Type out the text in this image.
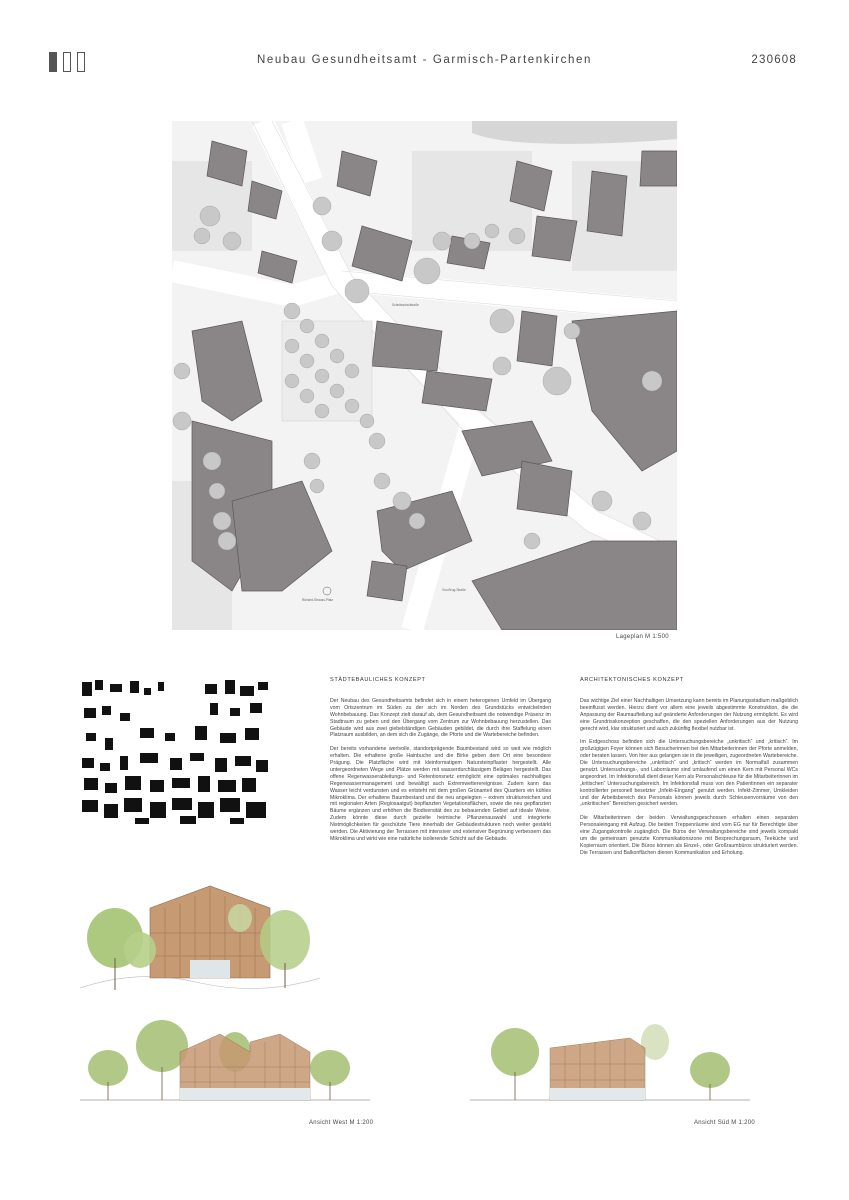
Neubau Gesundheitsamt - Garmisch-Partenkirchen	230608
Von-Brug-Straße
Richard-Strauss-Platz
Schnitzschulstraße
Lageplan M 1:500
STÄDTEBAULICHES KONZEPT

Der Neubau des Gesundheitsamts befindet sich in einem heterogenen Umfeld im Übergang vom Ortszentrum im Süden zu der sich im Norden des Grundstücks entwickelnden Wohnbebauung. Das Konzept zielt darauf ab, dem Gesundheitsamt die notwendige Präsenz im Stadtraum zu geben und den Übergang vom Zentrum zur Wohnbebauung herzustellen. Das Gebäude wird aus zwei giebelständigen Gebäuden gebildet, die durch ihre Staffelung einen Platzraum ausbilden, an dem sich die Zugänge, die Pforte und die Wartebereiche befinden.

Der bereits vorhandene wertvolle, standortprägende Baumbestand wird so weit wie möglich erhalten. Die erhaltene große Hainbuche und die Birke geben dem Ort eine besondere Prägung. Die Platzfläche wird mit kleinformatigem Natursteinpflaster hergestellt. Alle untergeordneten Wege und Plätze werden mit wasserdurchlässigem Belägen hergestellt. Das offene Regenwasserableitungs- und Retentionsnetz ermöglicht eine optimales nachhaltiges Regenwassermanagement und bewältigt auch Extremwetterereignisse. Zudem kann das Wasser leicht verdunsten und es entsteht mit dem großen Grünanteil des Quartiers ein kühles Mikroklima. Der erhaltene Baumbestand und die neu angelegten – extrem strukturreichen und mit regionalen Arten (Regiosaatgut) bepflanzten Vegetationsflächen, sowie die neu gepflanzten Bäume ergänzen und erhöhen die Biodiversität des zu bebauenden Gebiet auf ideale Weise. Zudem könnte diese durch gezielte heimische Pflanzenauswahl und integrierte Nistmöglichkeiten für geschützte Tiere innerhalb der Gebäudestrukturen noch weiter gestärkt werden. Die Aktivierung der Terrassen mit intensiver und extensiver Begrünung verbessern das Mikroklima und wirkt wie eine natürliche isolierende Schicht auf die Gebäude.

ARCHITEKTONISCHES KONZEPT

Das wichtige Ziel einer Nachhaltigen Umsetzung kann bereits im Planungsstadium maßgeblich beeinflusst werden. Hierzu dient vor allem eine jeweils abgestimmte Konstruktion, die die Anpassung der Raumaufteilung auf geänderte Anforderungen der Nutzung ermöglicht. Es wird eine Grundrisskonzeption geschaffen, die den speziellen Anforderungen aus der Nutzung gerecht wird, klar strukturiert und auch zukünftig flexibel nutzbar ist.

Im Erdgeschoss befinden sich die Untersuchungsbereiche „unkritisch“ und „kritisch“. Im großzügigen Foyer können sich Besucherinnen bei den Mitarbeiterinnen der Pforte anmelden, oder beraten lassen. Von hier aus gelangen sie in die jeweiligen, zugeordneten Wartebereiche. Die Untersuchungsbereiche „unkritisch“ und „kritisch“ werden im Normalfall zusammen genutzt. Untersuchungs-, und Laborräume sind umlaufend um einen Kern mit Personal WCs angeordnet. Im Infektionsfall dient dieser Kern als Personalschleuse für die Mitarbeiterinnen im „kritischen“ Untersuchungsbereich. Im Infektionsfall muss von den Patientinnen ein separater kontrollierter personell besetzter „Infekt-Eingang“ genutzt werden. Infekt-Zimmer, Umkleiden und der Arbeitsbereich des Personals können jeweils durch Schleusenvorräume von den „unkritischen“ Bereichen gesichert werden.

Die Mitarbeiterinnen der beiden Verwaltungsgeschossen erhalten einen separaten Personaleingang mit Aufzug. Die beiden Treppenräume sind vom EG nur für Berechtigte über eine Zugangskontrolle zugänglich. Die Büros der Verwaltungsbereiche sind jeweils kompakt um die gemeinsam genutzte Kommunikationszone mit Besprechungsraum, Teeküche und Kopierraum orientiert. Die Büros können als Einzel-, oder Großraumbüros strukturiert werden. Die Terrassen und Balkonflächen dienen Kommunikation und Erholung.

Ansicht West M 1:200	Ansicht Süd M 1:200
